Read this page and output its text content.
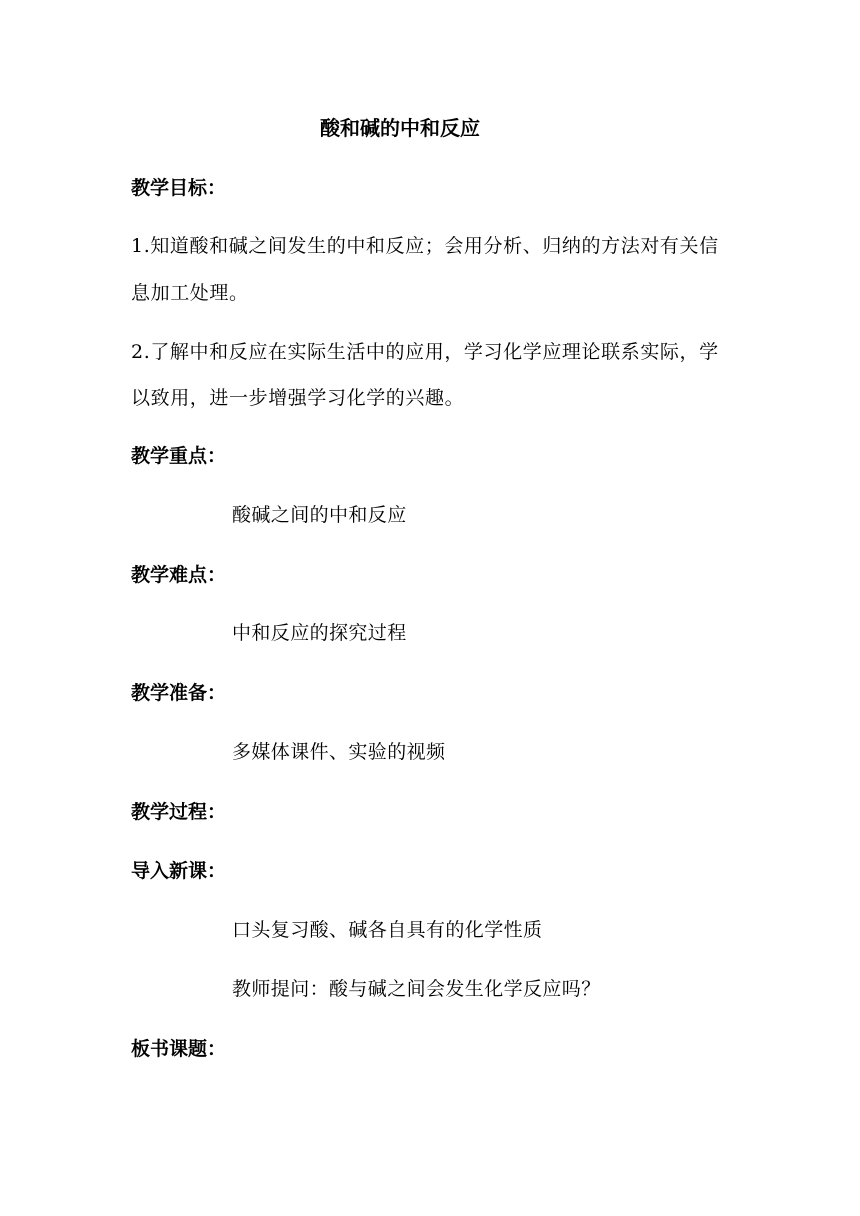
酸和碱的中和反应
教学目标：
1.知道酸和碱之间发生的中和反应；会用分析、归纳的方法对有关信
息加工处理。
2.了解中和反应在实际生活中的应用，学习化学应理论联系实际，学
以致用，进一步增强学习化学的兴趣。
教学重点：
酸碱之间的中和反应
教学难点：
中和反应的探究过程
教学准备：
多媒体课件、实验的视频
教学过程：
导入新课：
口头复习酸、碱各自具有的化学性质
教师提问：酸与碱之间会发生化学反应吗？
板书课题：
